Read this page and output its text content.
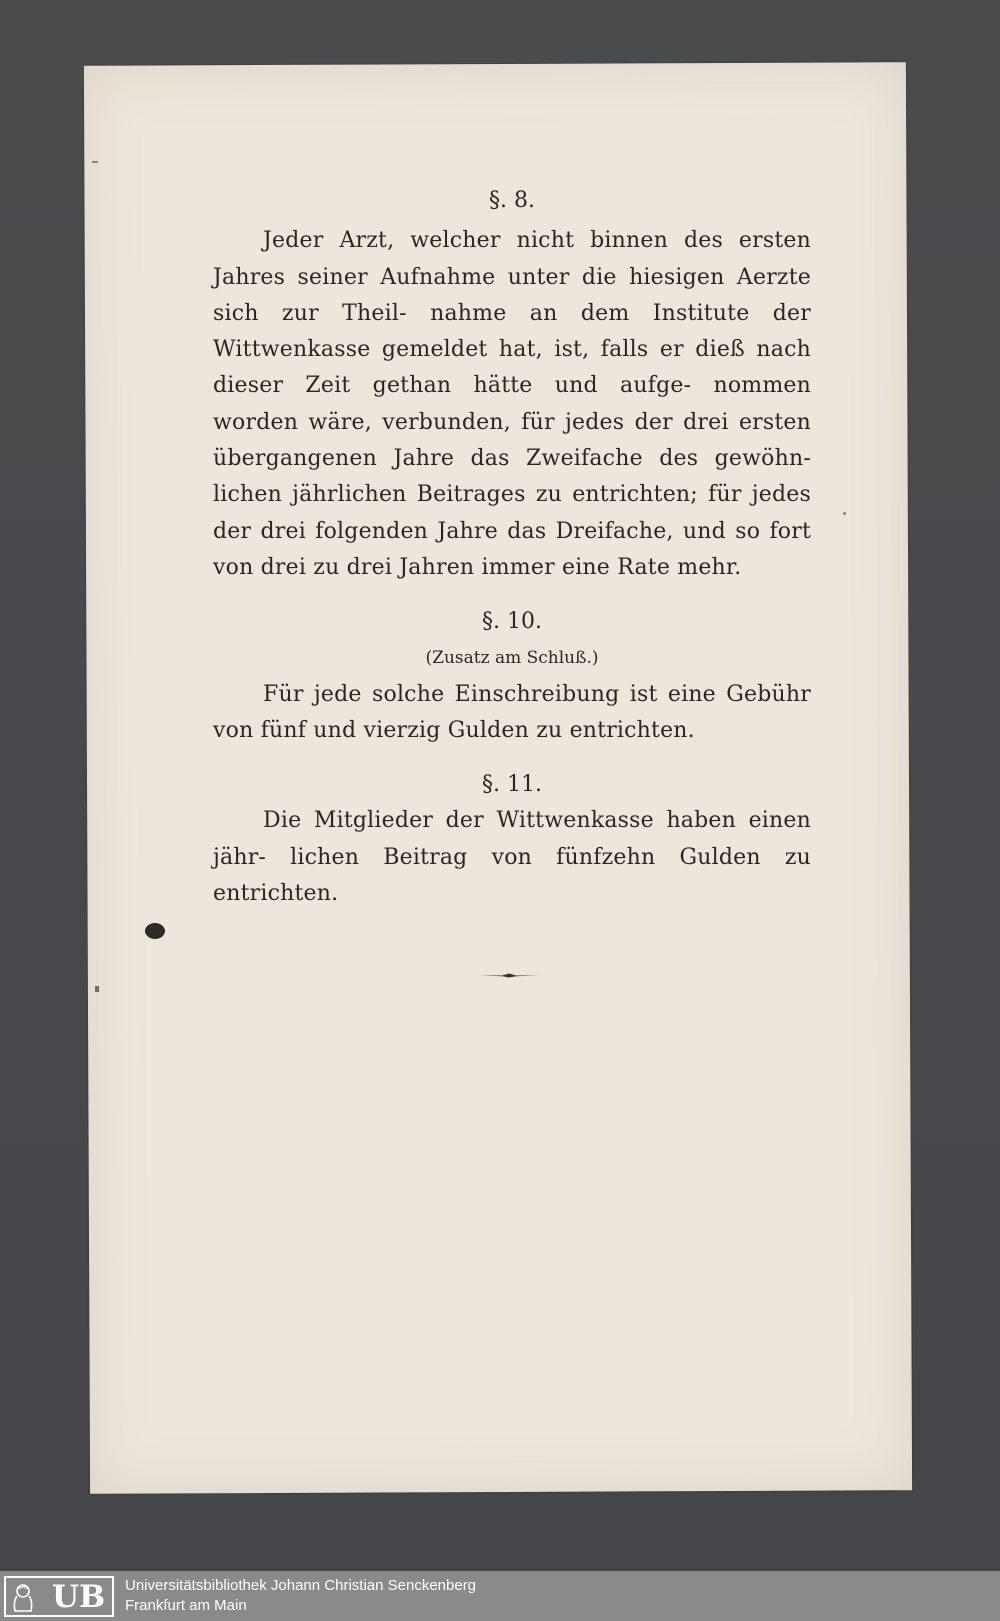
§. 8.

Jeder Arzt, welcher nicht binnen des ersten Jahres seiner Aufnahme unter die hiesigen Aerzte sich zur Theil- nahme an dem Institute der Wittwenkasse gemeldet hat, ist, falls er dieß nach dieser Zeit gethan hätte und aufge- nommen worden wäre, verbunden, für jedes der drei ersten übergangenen Jahre das Zweifache des gewöhn- lichen jährlichen Beitrages zu entrichten; für jedes der drei folgenden Jahre das Dreifache, und so fort von drei zu drei Jahren immer eine Rate mehr.

§. 10.

(Zusatz am Schluß.)

Für jede solche Einschreibung ist eine Gebühr von fünf und vierzig Gulden zu entrichten.

§. 11.

Die Mitglieder der Wittwenkasse haben einen jähr- lichen Beitrag von fünfzehn Gulden zu entrichten.

UB Universitätsbibliothek Johann Christian Senckenberg
Frankfurt am Main
